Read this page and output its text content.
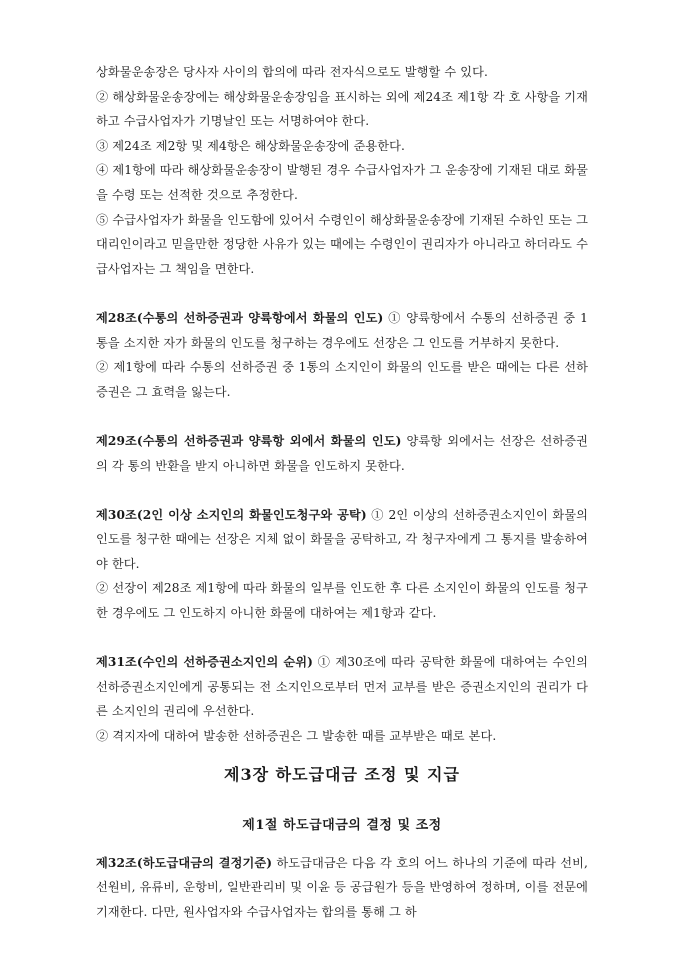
상화물운송장은 당사자 사이의 합의에 따라 전자식으로도 발행할 수 있다.

② 해상화물운송장에는 해상화물운송장임을 표시하는 외에 제24조 제1항 각 호 사항을 기재하고 수급사업자가 기명날인 또는 서명하여야 한다.

③ 제24조 제2항 및 제4항은 해상화물운송장에 준용한다.

④ 제1항에 따라 해상화물운송장이 발행된 경우 수급사업자가 그 운송장에 기재된 대로 화물을 수령 또는 선적한 것으로 추정한다.

⑤ 수급사업자가 화물을 인도함에 있어서 수령인이 해상화물운송장에 기재된 수하인 또는 그 대리인이라고 믿을만한 정당한 사유가 있는 때에는 수령인이 권리자가 아니라고 하더라도 수급사업자는 그 책임을 면한다.

제28조(수통의 선하증권과 양륙항에서 화물의 인도) ① 양륙항에서 수통의 선하증권 중 1통을 소지한 자가 화물의 인도를 청구하는 경우에도 선장은 그 인도를 거부하지 못한다.

② 제1항에 따라 수통의 선하증권 중 1통의 소지인이 화물의 인도를 받은 때에는 다른 선하증권은 그 효력을 잃는다.

제29조(수통의 선하증권과 양륙항 외에서 화물의 인도) 양륙항 외에서는 선장은 선하증권의 각 통의 반환을 받지 아니하면 화물을 인도하지 못한다.

제30조(2인 이상 소지인의 화물인도청구와 공탁) ① 2인 이상의 선하증권소지인이 화물의 인도를 청구한 때에는 선장은 지체 없이 화물을 공탁하고, 각 청구자에게 그 통지를 발송하여야 한다.

② 선장이 제28조 제1항에 따라 화물의 일부를 인도한 후 다른 소지인이 화물의 인도를 청구한 경우에도 그 인도하지 아니한 화물에 대하여는 제1항과 같다.

제31조(수인의 선하증권소지인의 순위) ① 제30조에 따라 공탁한 화물에 대하여는 수인의 선하증권소지인에게 공통되는 전 소지인으로부터 먼저 교부를 받은 증권소지인의 권리가 다른 소지인의 권리에 우선한다.

② 격지자에 대하여 발송한 선하증권은 그 발송한 때를 교부받은 때로 본다.

제3장 하도급대금 조정 및 지급
제1절 하도급대금의 결정 및 조정

제32조(하도급대금의 결정기준) 하도급대금은 다음 각 호의 어느 하나의 기준에 따라 선비, 선원비, 유류비, 운항비, 일반관리비 및 이윤 등 공급원가 등을 반영하여 정하며, 이를 전문에 기재한다. 다만, 원사업자와 수급사업자는 합의를 통해 그 하
